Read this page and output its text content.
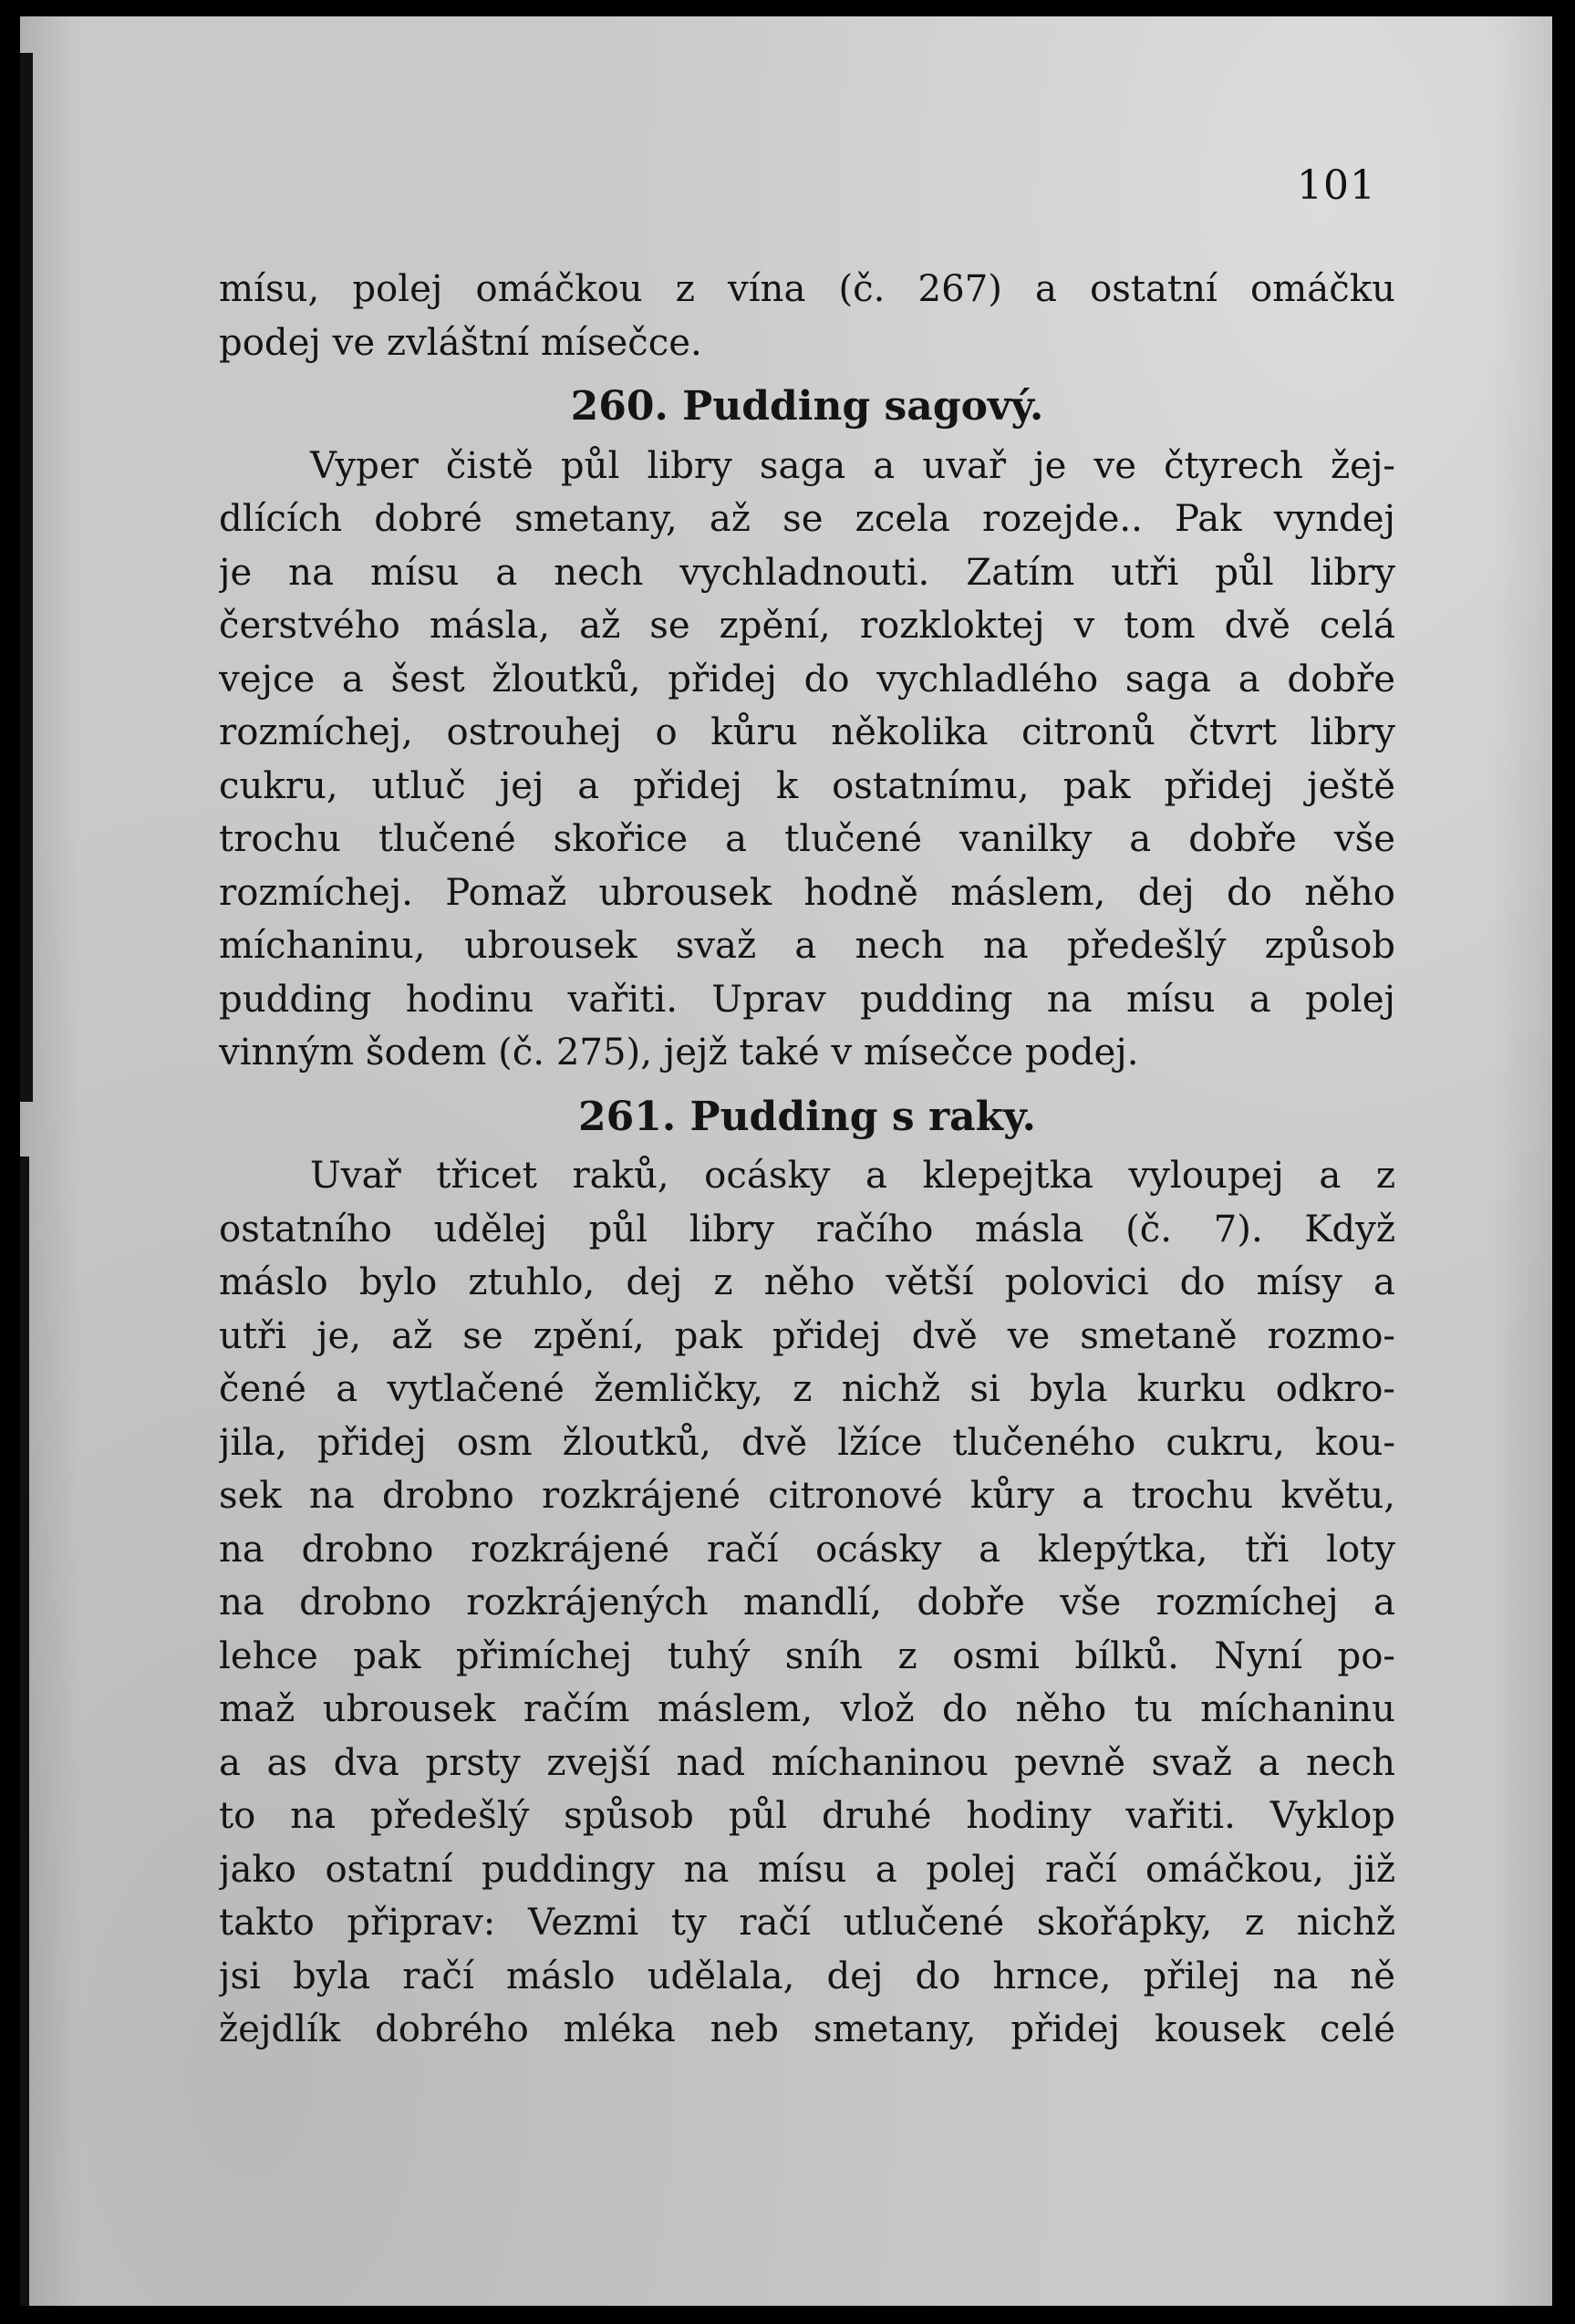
101
mísu, polej omáčkou z vína (č. 267) a ostatní omáčku
podej ve zvláštní mísečce.
260. Pudding sagový.
Vyper čistě půl libry saga a uvař je ve čtyrech žej-
dlících dobré smetany, až se zcela rozejde.. Pak vyndej
je na mísu a nech vychladnouti. Zatím utři půl libry
čerstvého másla, až se zpění, rozkloktej v tom dvě celá
vejce a šest žloutků, přidej do vychladlého saga a dobře
rozmíchej, ostrouhej o kůru několika citronů čtvrt libry
cukru, utluč jej a přidej k ostatnímu, pak přidej ještě
trochu tlučené skořice a tlučené vanilky a dobře vše
rozmíchej. Pomaž ubrousek hodně máslem, dej do něho
míchaninu, ubrousek svaž a nech na předešlý způsob
pudding hodinu vařiti. Uprav pudding na mísu a polej
vinným šodem (č. 275), jejž také v mísečce podej.
261. Pudding s raky.
Uvař třicet raků, ocásky a klepejtka vyloupej a z
ostatního udělej půl libry račího másla (č. 7). Když
máslo bylo ztuhlo, dej z něho větší polovici do mísy a
utři je, až se zpění, pak přidej dvě ve smetaně rozmo-
čené a vytlačené žemličky, z nichž si byla kurku odkro-
jila, přidej osm žloutků, dvě lžíce tlučeného cukru, kou-
sek na drobno rozkrájené citronové kůry a trochu květu,
na drobno rozkrájené račí ocásky a klepýtka, tři loty
na drobno rozkrájených mandlí, dobře vše rozmíchej a
lehce pak přimíchej tuhý sníh z osmi bílků. Nyní po-
maž ubrousek račím máslem, vlož do něho tu míchaninu
a as dva prsty zvejší nad míchaninou pevně svaž a nech
to na předešlý spůsob půl druhé hodiny vařiti. Vyklop
jako ostatní puddingy na mísu a polej račí omáčkou, již
takto připrav: Vezmi ty račí utlučené skořápky, z nichž
jsi byla račí máslo udělala, dej do hrnce, přilej na ně
žejdlík dobrého mléka neb smetany, přidej kousek celé
